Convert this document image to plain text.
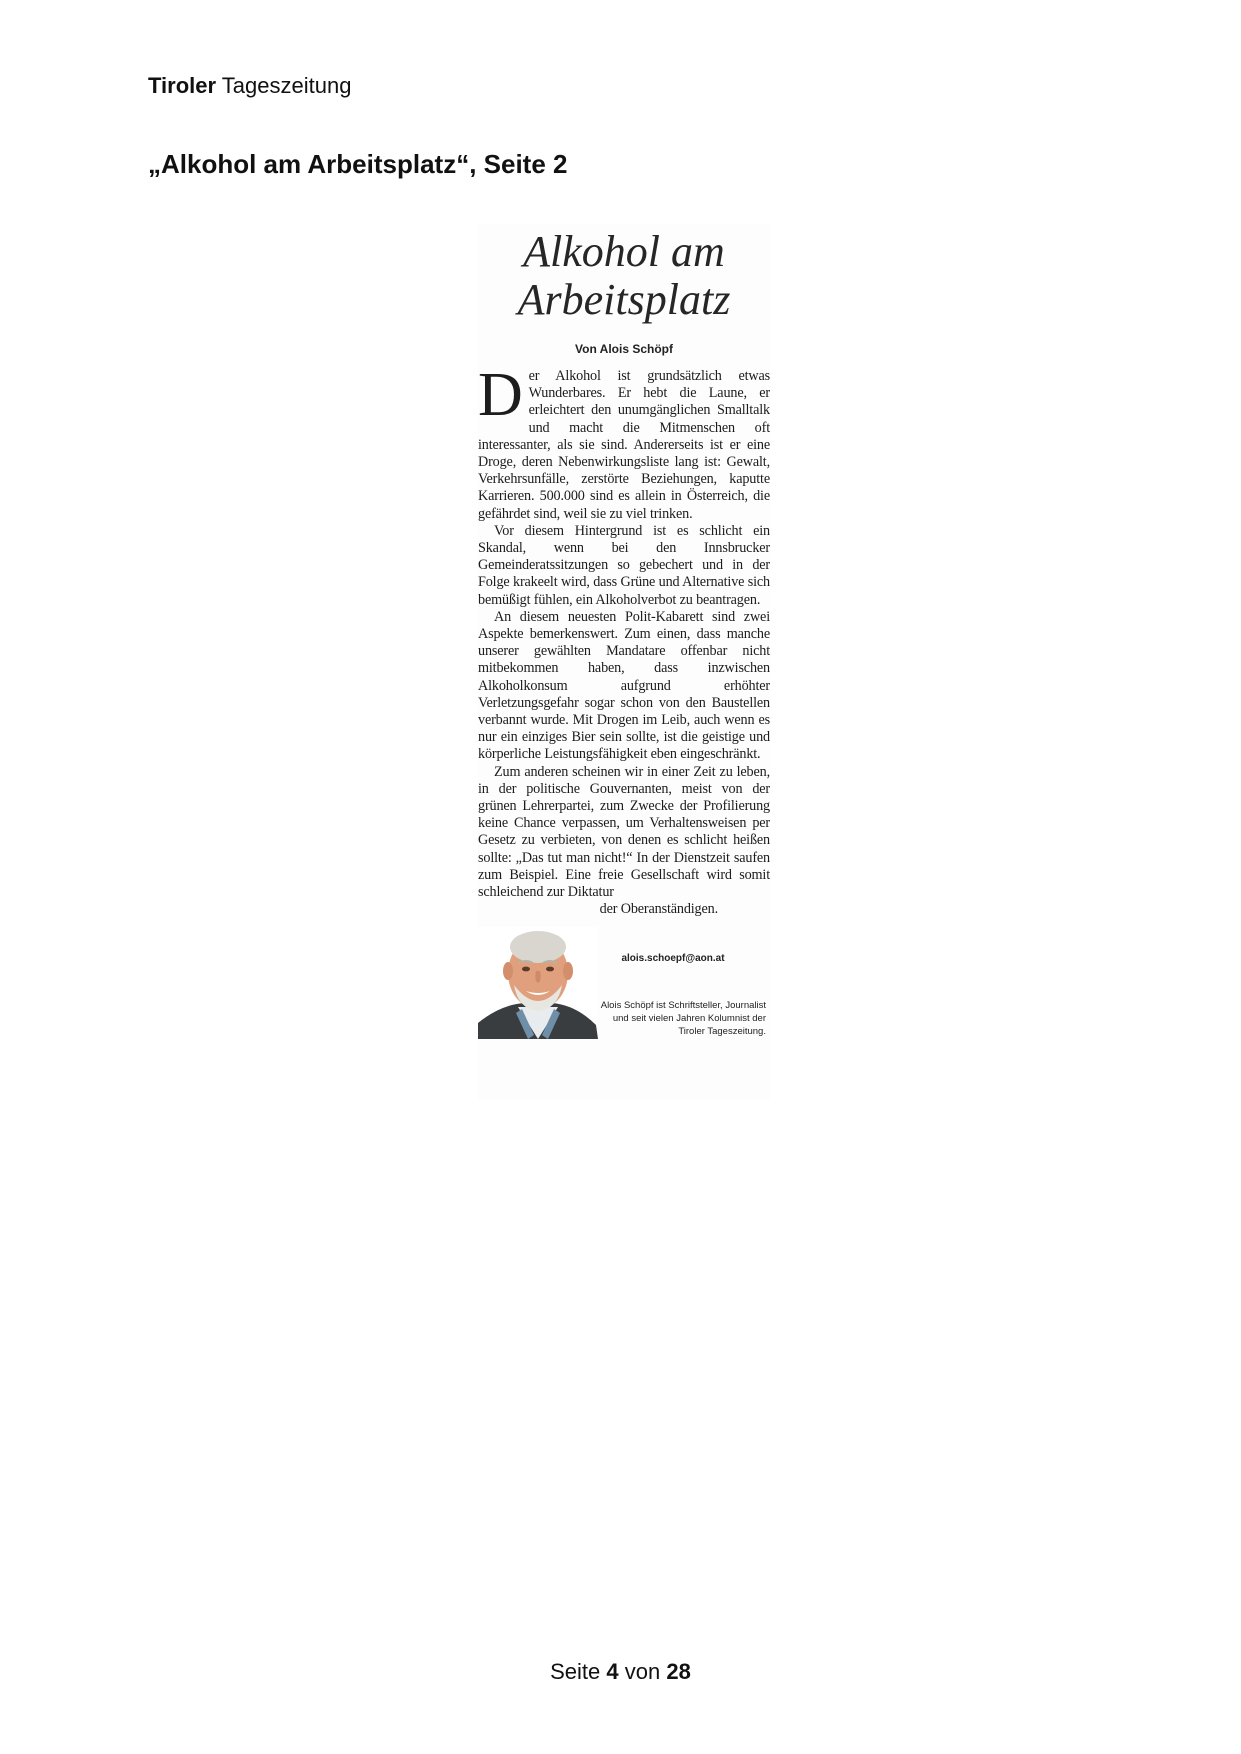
Tiroler Tageszeitung
„Alkohol am Arbeitsplatz“, Seite 2
Alkohol am
Arbeitsplatz
Von Alois Schöpf

Der Alkohol ist grundsätzlich etwas Wunderbares. Er hebt die Laune, er erleichtert den unumgänglichen Smalltalk und macht die Mitmenschen oft interessanter, als sie sind. Andererseits ist er eine Droge, deren Nebenwirkungsliste lang ist: Gewalt, Verkehrsunfälle, zerstörte Beziehungen, kaputte Karrieren. 500.000 sind es allein in Österreich, die gefährdet sind, weil sie zu viel trinken.

Vor diesem Hintergrund ist es schlicht ein Skandal, wenn bei den Innsbrucker Gemeinderatssitzungen so gebechert und in der Folge krakeelt wird, dass Grüne und Alternative sich bemüßigt fühlen, ein Alkoholverbot zu beantragen.

An diesem neuesten Polit-Kabarett sind zwei Aspekte bemerkenswert. Zum einen, dass manche unserer gewählten Mandatare offenbar nicht mitbekommen haben, dass inzwischen Alkoholkonsum aufgrund erhöhter Verletzungsgefahr sogar schon von den Baustellen verbannt wurde. Mit Drogen im Leib, auch wenn es nur ein einziges Bier sein sollte, ist die geistige und körperliche Leistungsfähigkeit eben eingeschränkt.

Zum anderen scheinen wir in einer Zeit zu leben, in der politische Gouvernanten, meist von der grünen Lehrerpartei, zum Zwecke der Profilierung keine Chance verpassen, um Verhaltensweisen per Gesetz zu verbieten, von denen es schlicht heißen sollte: „Das tut man nicht!“ In der Dienstzeit saufen zum Beispiel. Eine freie Gesellschaft wird somit schleichend zur Diktatur

der Oberanständigen.

alois.schoepf@aon.at
Alois Schöpf ist Schriftsteller, Journalist
und seit vielen Jahren Kolumnist der
Tiroler Tageszeitung.
Seite 4 von 28
